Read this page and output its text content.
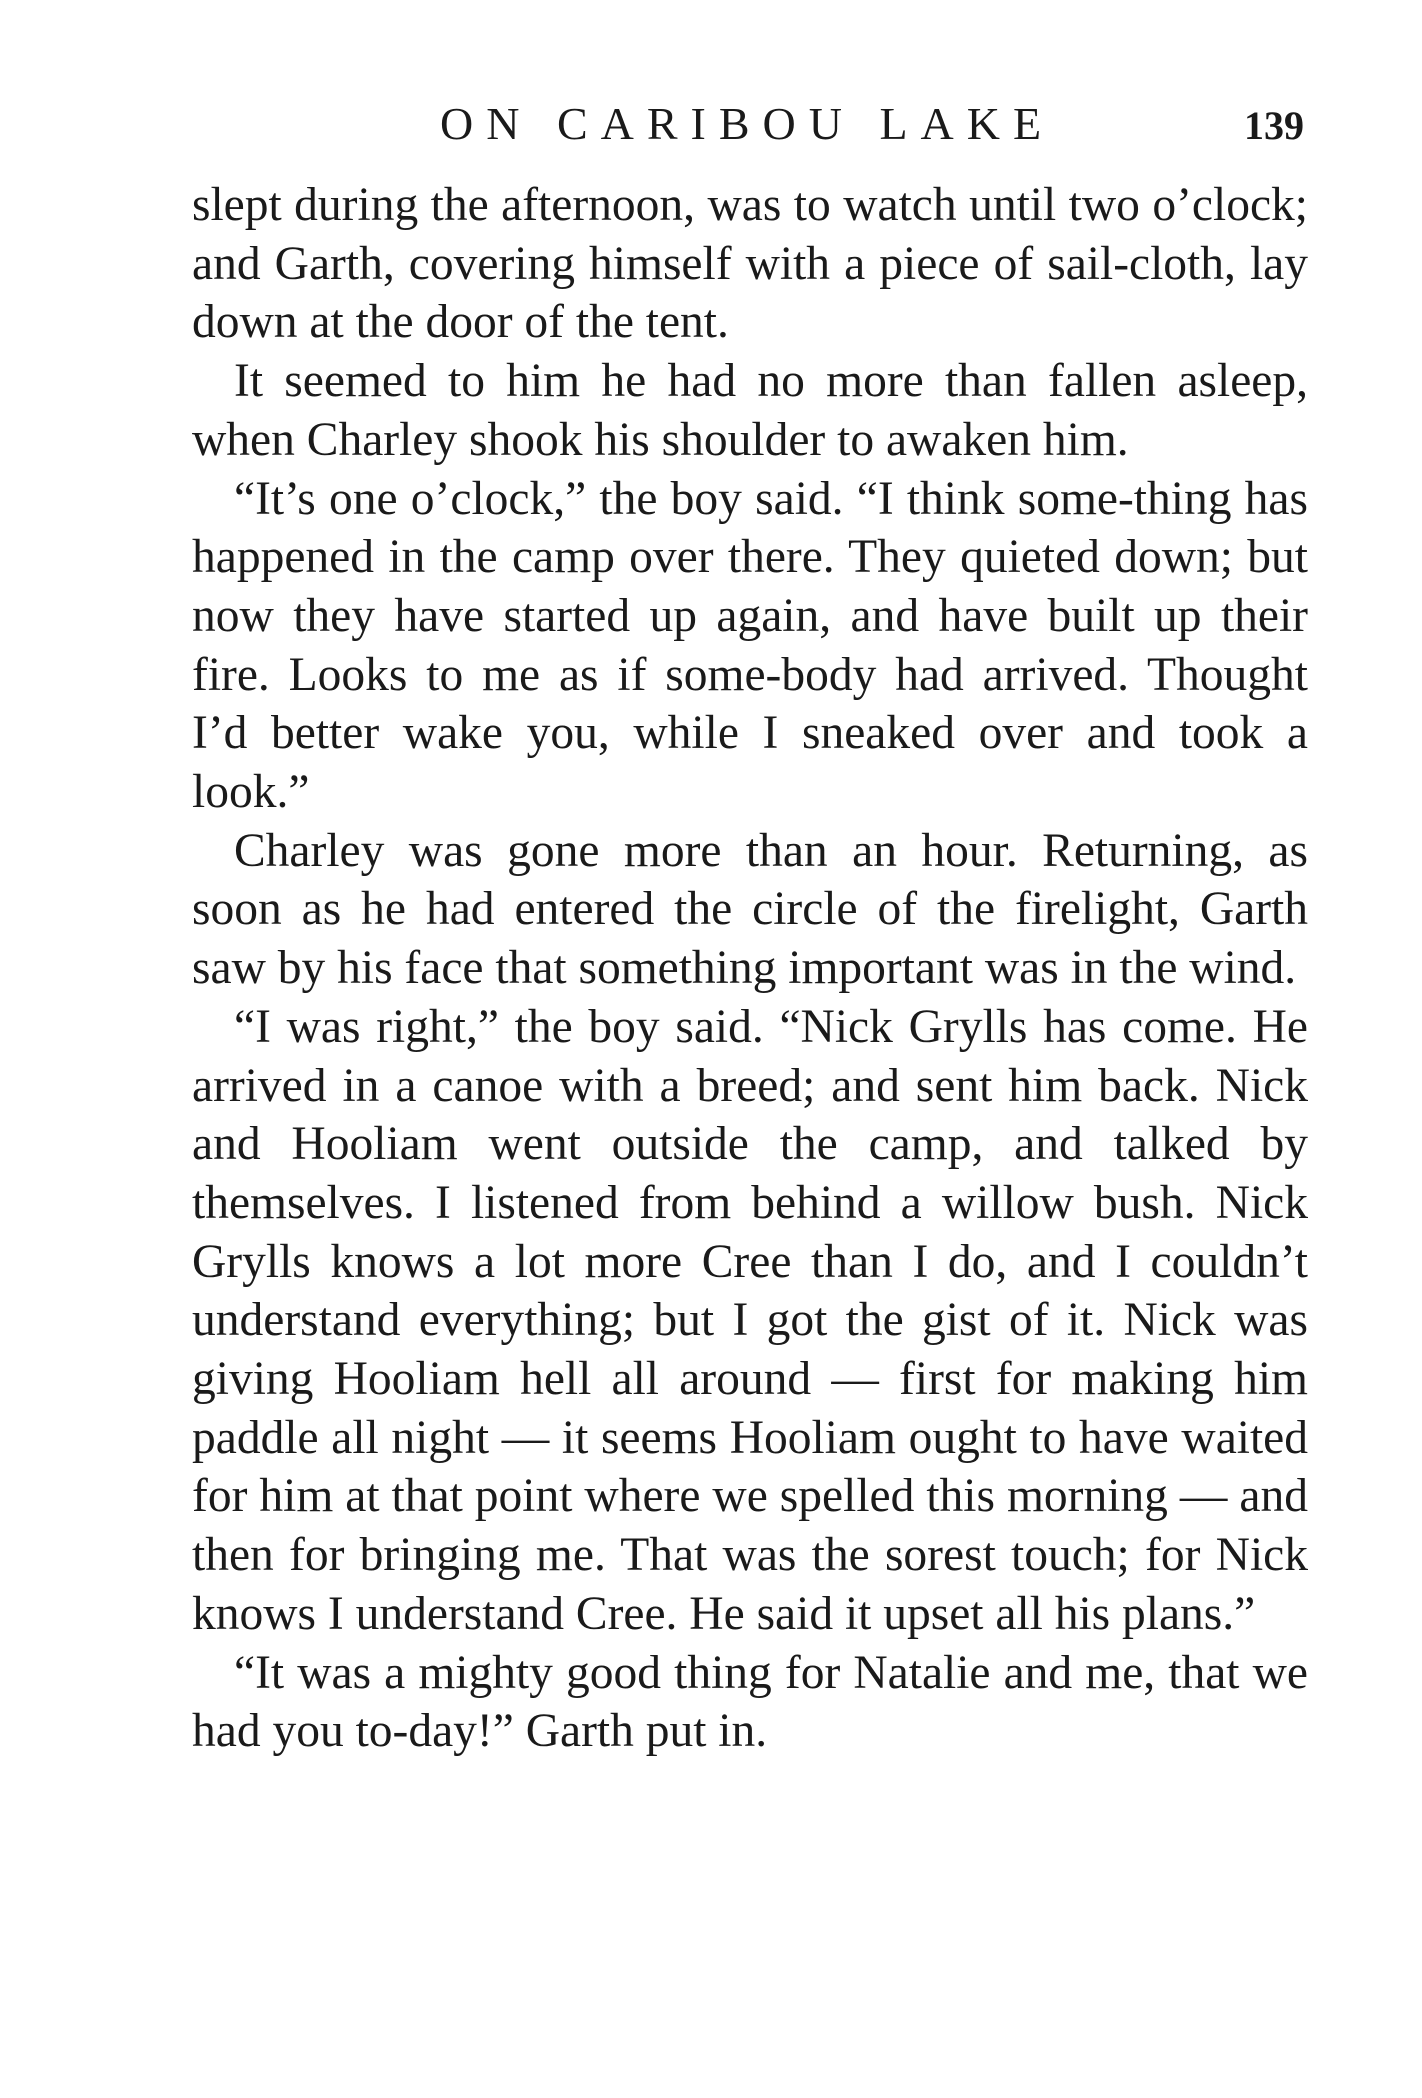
ON CARIBOU LAKE	139

slept during the afternoon, was to watch until two o’clock; and Garth, covering himself with a piece of sail-cloth, lay down at the door of the tent.

It seemed to him he had no more than fallen asleep, when Charley shook his shoulder to awaken him.

“It’s one o’clock,” the boy said. “I think some-thing has happened in the camp over there. They quieted down; but now they have started up again, and have built up their fire. Looks to me as if some-body had arrived. Thought I’d better wake you, while I sneaked over and took a look.”

Charley was gone more than an hour. Returning, as soon as he had entered the circle of the firelight, Garth saw by his face that something important was in the wind.

“I was right,” the boy said. “Nick Grylls has come. He arrived in a canoe with a breed; and sent him back. Nick and Hooliam went outside the camp, and talked by themselves. I listened from behind a willow bush. Nick Grylls knows a lot more Cree than I do, and I couldn’t understand everything; but I got the gist of it. Nick was giving Hooliam hell all around — first for making him paddle all night — it seems Hooliam ought to have waited for him at that point where we spelled this morning — and then for bringing me. That was the sorest touch; for Nick knows I understand Cree. He said it upset all his plans.”

“It was a mighty good thing for Natalie and me, that we had you to-day!” Garth put in.
